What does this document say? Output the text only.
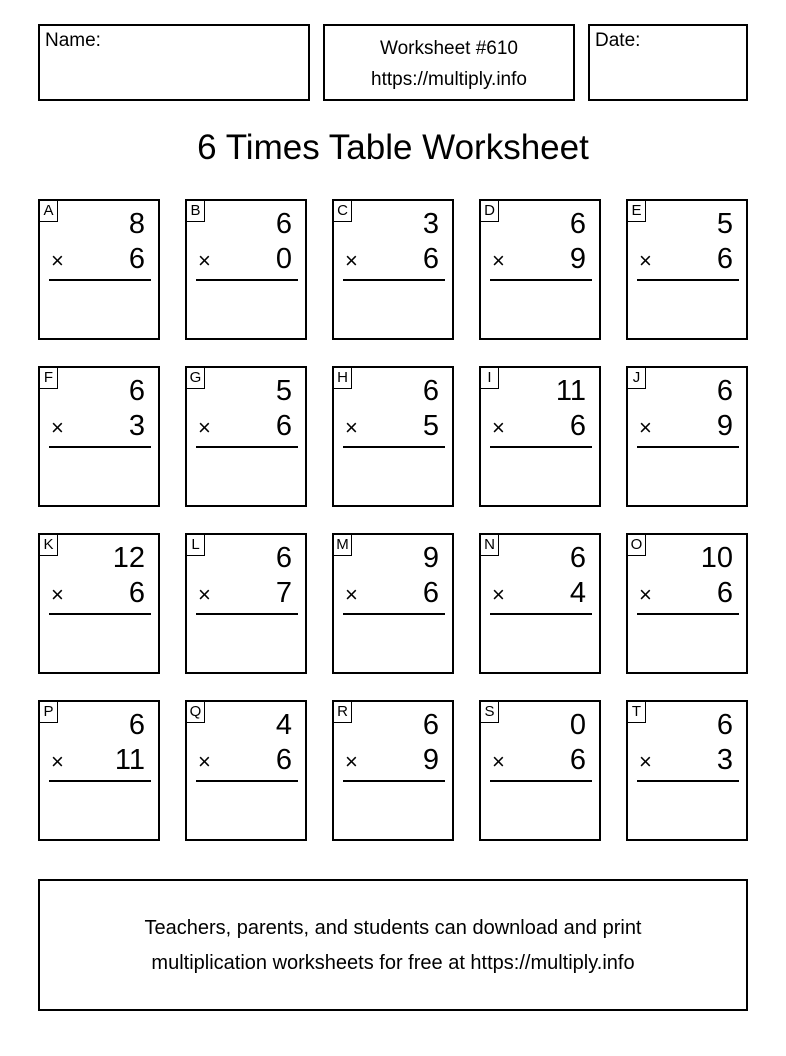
Name:	Worksheet #610
https://multiply.info
Date:
6 Times Table Worksheet
A	8
× 6
B	6
× 0
C	3
× 6
D	6
× 9
E	5
× 6
F	6
× 3
G	5
× 6
H	6
× 5
I 11
× 6
J	6
× 9
K 12
× 6
L	6
× 7
M	9
× 6
N	6
× 4
O 10
× 6
P	6
× 11
Q	4
× 6
R	6
× 9
S	0
× 6
T	6
× 3
Teachers, parents, and students can download and print
multiplication worksheets for free at https://multiply.info
